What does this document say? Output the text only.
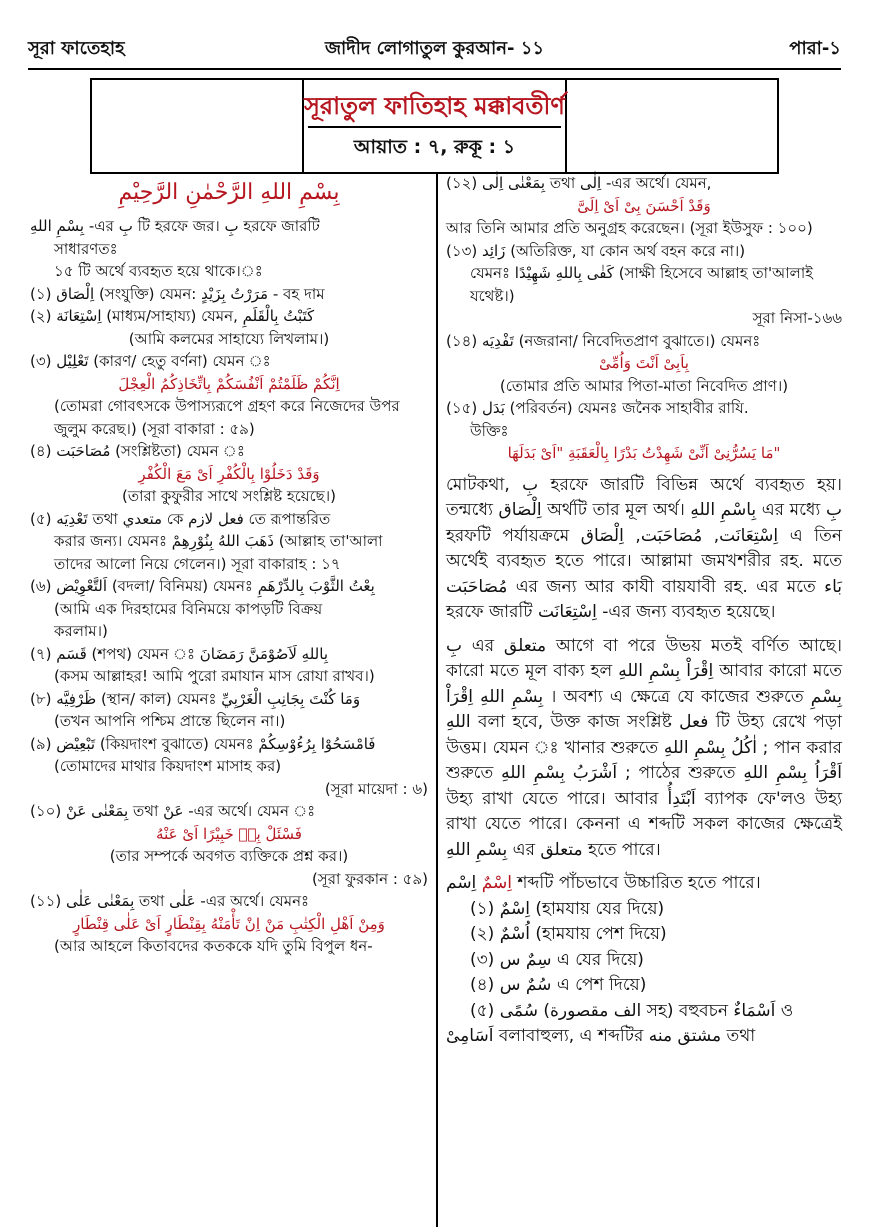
সূরা ফাতেহাহ	জাদীদ লোগাতুল কুরআন- ১১	পারা-১
সূরাতুল ফাতিহাহ মক্কাবতীর্ণ
আয়াত : ৭, রুকূ : ১

بِسْمِ اللهِ الرَّحْمٰنِ الرَّحِيْمِ

بِسْمِ اللهِ -এর بِ টি হরফে জর। بِ হরফে জারটি

সাধারণতঃ

১৫ টি অর্থে ব্যবহৃত হয়ে থাকে।ঃ

(১) اِلْصَاق (সংযুক্তি) যেমন: مَرَرْتُ بِزَيْدٍ - বহ দাম

(২) اِسْتِعَانَة (মাধ্যম/সাহায্য) যেমন, كَتَبْتُ بِالْقَلَمِ

(আমি কলমের সাহায্যে লিখলাম।)

(৩) تَعْلِيْل (কারণ/ হেতু বর্ণনা) যেমন ঃ

اِنَّكُمْ ظَلَمْتُمْ اَنْفُسَكُمْ بِاتِّخَاذِكُمُ الْعِجْلَ

(তোমরা গোবৎসকে উপাস্যরূপে গ্রহণ করে নিজেদের উপর

জুলুম করেছ।) (সূরা বাকারা : ৫৯)

(৪) مُصَاحَبَت (সংশ্লিষ্টতা) যেমন ঃ

وَقَدْ دَخَلُوْا بِالْكُفْرِ اَىْ مَعَ الْكُفْرِ

(তারা কুফুরীর সাথে সংশ্লিষ্ট হয়েছে।)

(৫) تَعْدِيَه তথা متعدي কে فعل لازم তে রূপান্তরিত

করার জন্য। যেমনঃ ذَهَبَ اللهُ بِنُوْرِهِمْ (আল্লাহ তা'আলা

তাদের আলো নিয়ে গেলেন।) সূরা বাকারাহ : ১৭

(৬) اَلتَّعْوِيْض (বদলা/ বিনিময়) যেমনঃ بِعْتُ الثَّوْبَ بِالدِّرْهَمِ

(আমি এক দিরহামের বিনিময়ে কাপড়টি বিক্রয়

করলাম।)

(৭) قَسَم (শপথ) যেমন ঃ بِاللهِ لَاَصُوْمَنَّ رَمَضَانَ

(কসম আল্লাহর! আমি পুরো রমাযান মাস রোযা রাখব।)

(৮) ظَرْفِيَّه (স্থান/ কাল) যেমনঃ وَمَا كُنْتَ بِجَانِبِ الْغَرْبِيِّ

(তখন আপনি পশ্চিম প্রান্তে ছিলেন না।)

(৯) تَبْعِيْض (কিয়দাংশ বুঝাতে) যেমনঃ فَامْسَحُوْا بِرُءُوْسِكُمْ

(তোমাদের মাথার কিয়দাংশ মাসাহ কর)

(সূরা মায়েদা : ৬)

(১০) بِمَعْنٰى عَنْ তথা عَنْ -এর অর্থে। যেমন ঃ

فَسْئَلْ بِهٖ خَبِيْرًا اَىْ عَنْهُ

(তার সম্পর্কে অবগত ব্যক্তিকে প্রশ্ন কর।)

(সূরা ফুরকান : ৫৯)

(১১) بِمَعْنٰى عَلٰى তথা عَلٰى -এর অর্থে। যেমনঃ

وَمِنْ اَهْلِ الْكِتٰبِ مَنْ اِنْ تَأْمَنْهُ بِقِنْطَارٍ اَىْ عَلٰى قِنْطَارٍ

(আর আহলে কিতাবদের কতককে যদি তুমি বিপুল ধন-

(১২) بِمَعْنٰى اِلٰى তথা اِلٰى -এর অর্থে। যেমন,

وَقَدْ اَحْسَنَ بِىْ اَىْ اِلَىَّ

আর তিনি আমার প্রতি অনুগ্রহ করেছেন। (সূরা ইউসুফ : ১০০)

(১৩) زَائِد (অতিরিক্ত, যা কোন অর্থ বহন করে না।)

যেমনঃ كَفٰى بِاللهِ شَهِيْدًا (সাক্ষী হিসেবে আল্লাহ তা'আলাই

যথেষ্ট।)

সূরা নিসা-১৬৬

(১৪) تَفْدِيَه (নজরানা/ নিবেদিতপ্রাণ বুঝাতে।) যেমনঃ

بِاَبِىْ اَنْتَ وَاُمِّىْ

(তোমার প্রতি আমার পিতা-মাতা নিবেদিত প্রাণ।)

(১৫) بَدَل (পরিবর্তন) যেমনঃ জনৈক সাহাবীর রাযি.

উক্তিঃ

مَا يَسُرُّنِىْ اَنِّىْ شَهِدْتُ بَدْرًا بِالْعَقَبَةِ "اَىْ بَدَلَهَا"

মোটকথা, بِ হরফে জারটি বিভিন্ন অর্থে ব্যবহৃত হয়। তন্মধ্যে اِلْصَاق অর্থটি তার মূল অর্থ। بِاسْمِ اللهِ এর মধ্যে بِ হরফটি পর্যায়ক্রমে اِسْتِعَانَت, مُصَاحَبَت, اِلْصَاق এ তিন অর্থেই ব্যবহৃত হতে পারে। আল্লামা জমখশরীর রহ. মতে مُصَاحَبَت এর জন্য আর কাযী বায়যাবী রহ. এর মতে بَاء হরফে জারটি اِسْتِعَانَت -এর জন্য ব্যবহৃত হয়েছে।

بِ এর متعلق আগে বা পরে উভয় মতই বর্ণিত আছে। কারো মতে মূল বাক্য হল اِقْرَاْ بِسْمِ اللهِ আবার কারো মতে بِسْمِ اللهِ اِقْرَاْ । অবশ্য এ ক্ষেত্রে যে কাজের শুরুতে بِسْمِ اللهِ বলা হবে, উক্ত কাজ সংশ্লিষ্ট فعل টি উহ্য রেখে পড়া উত্তম। যেমন ঃ খানার শুরুতে اٰكُلُ بِسْمِ اللهِ ; পান করার শুরুতে اَشْرَبُ بِسْمِ اللهِ ; পাঠের শুরুতে اَقْرَاُ بِسْمِ اللهِ উহ্য রাখা যেতে পারে। আবার اَبْتَدِأُ ব্যাপক ফে'লও উহ্য রাখা যেতে পারে। কেননা এ শব্দটি সকল কাজের ক্ষেত্রেই بِسْمِ اللهِ এর متعلق হতে পারে।

اِسْمٌ اِسْم শব্দটি পাঁচভাবে উচ্চারিত হতে পারে।

(১) اِسْمٌ (হামযায় যের দিয়ে)

(২) اُسْمٌ (হামযায় পেশ দিয়ে)

(৩) سِمٌ س এ যের দিয়ে)

(৪) سُمٌ س এ পেশ দিয়ে)

(৫) سُمًى (الف مقصورة সহ) বহুবচন اَسْمَاءٌ ও

اَسَامِىْ বলাবাহুল্য, এ শব্দটির مشتق منه তথা
